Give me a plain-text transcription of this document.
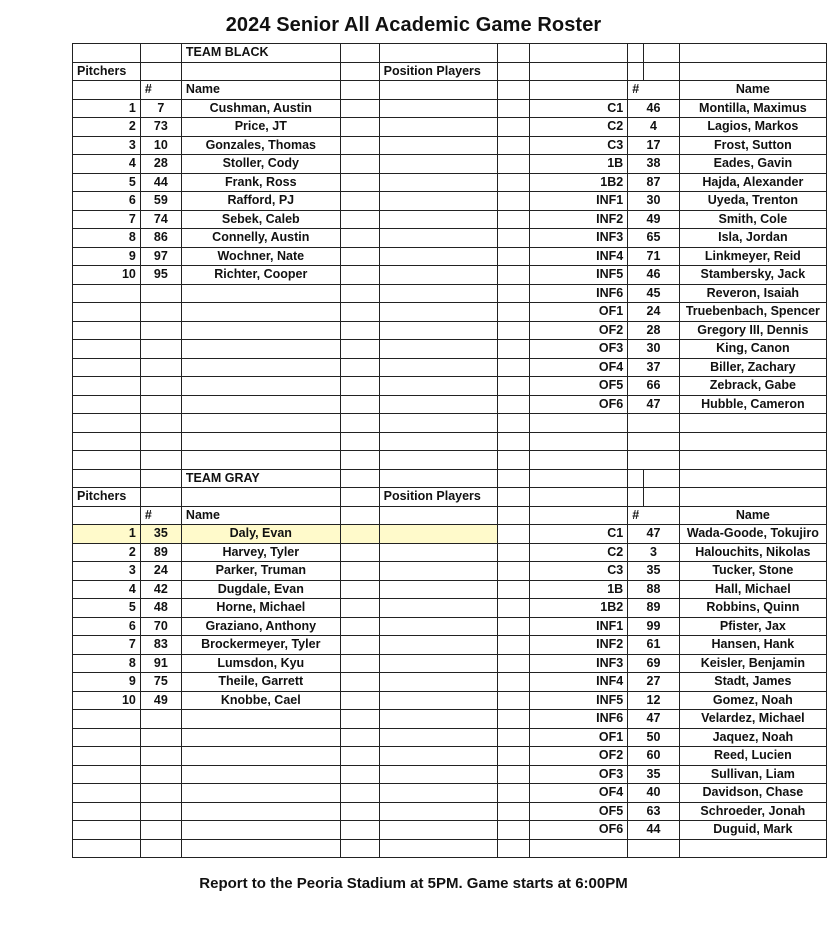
2024 Senior All Academic Game Roster
		TEAM BLACK							
Pitchers				Position Players					
	#	Name					#		Name
1	7	Cushman, Austin				C1	46		Montilla, Maximus
2	73	Price, JT				C2	4		Lagios, Markos
3	10	Gonzales, Thomas				C3	17		Frost, Sutton
4	28	Stoller, Cody				1B	38		Eades, Gavin
5	44	Frank, Ross				1B2	87		Hajda, Alexander
6	59	Rafford, PJ				INF1	30		Uyeda, Trenton
7	74	Sebek, Caleb				INF2	49		Smith, Cole
8	86	Connelly, Austin				INF3	65		Isla, Jordan
9	97	Wochner, Nate				INF4	71		Linkmeyer, Reid
10	95	Richter, Cooper				INF5	46		Stambersky, Jack
						INF6	45		Reveron, Isaiah
						OF1	24		Truebenbach, Spencer
						OF2	28		Gregory III, Dennis
						OF3	30		King, Canon
						OF4	37		Biller, Zachary
						OF5	66		Zebrack, Gabe
						OF6	47		Hubble, Cameron

		TEAM GRAY							
Pitchers				Position Players					
	#	Name					#		Name
1	35	Daly, Evan				C1	47		Wada-Goode, Tokujiro
2	89	Harvey, Tyler				C2	3		Halouchits, Nikolas
3	24	Parker, Truman				C3	35		Tucker, Stone
4	42	Dugdale, Evan				1B	88		Hall, Michael
5	48	Horne, Michael				1B2	89		Robbins, Quinn
6	70	Graziano, Anthony				INF1	99		Pfister, Jax
7	83	Brockermeyer, Tyler				INF2	61		Hansen, Hank
8	91	Lumsdon, Kyu				INF3	69		Keisler, Benjamin
9	75	Theile, Garrett				INF4	27		Stadt, James
10	49	Knobbe, Cael				INF5	12		Gomez, Noah
						INF6	47		Velardez, Michael
						OF1	50		Jaquez, Noah
						OF2	60		Reed, Lucien
						OF3	35		Sullivan, Liam
						OF4	40		Davidson, Chase
						OF5	63		Schroeder, Jonah
						OF6	44		Duguid, Mark

Report to the Peoria Stadium at 5PM. Game starts at 6:00PM
